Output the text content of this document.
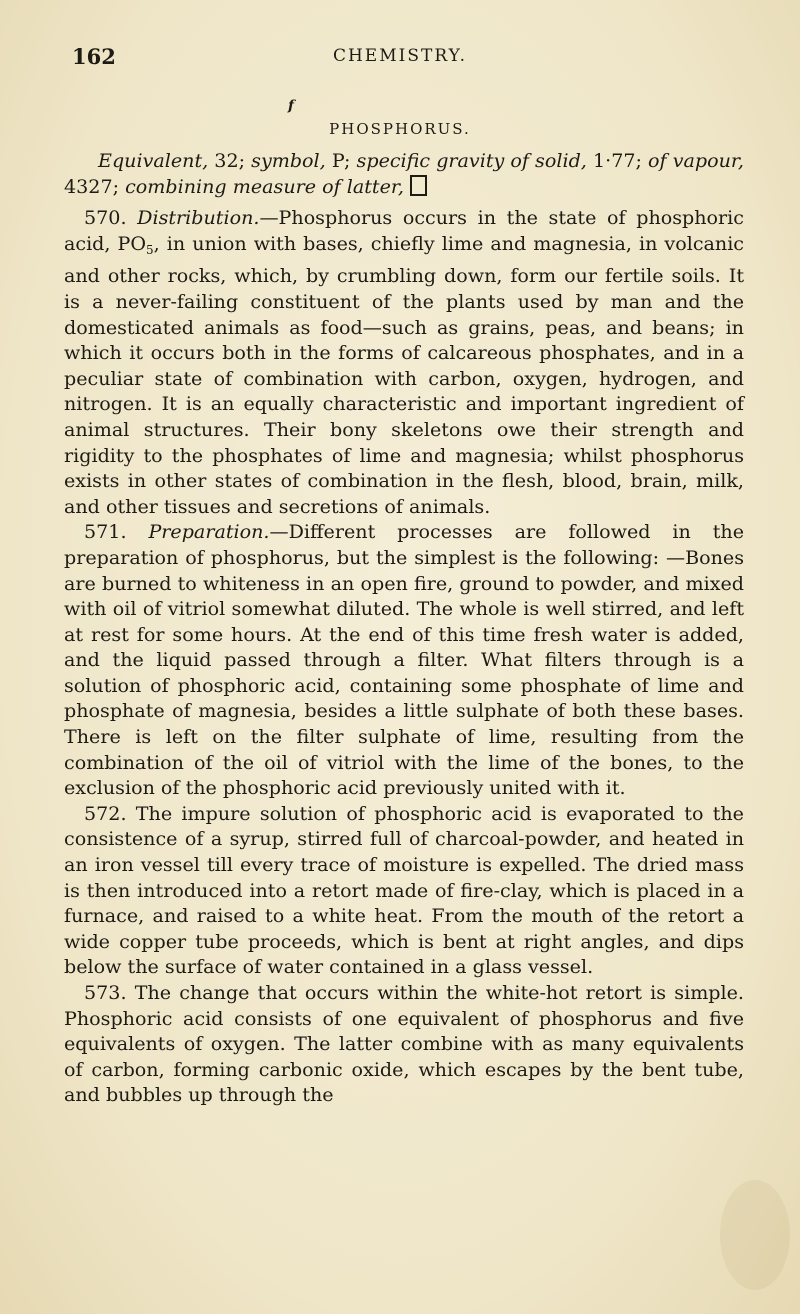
162	CHEMISTRY.
f
PHOSPHORUS.

Equivalent, 32; symbol, P; specific gravity of solid, 1·77; of vapour, 4327; combining measure of latter,

570. Distribution.—Phosphorus occurs in the state of phosphoric acid, $PO_5$, in union with bases, chiefly lime and magnesia, in volcanic and other rocks, which, by crumbling down, form our fertile soils. It is a never-failing constituent of the plants used by man and the domesticated animals as food—such as grains, peas, and beans; in which it occurs both in the forms of calcareous phosphates, and in a peculiar state of combination with carbon, oxygen, hydrogen, and nitrogen. It is an equally characteristic and important ingredient of animal structures. Their bony skeletons owe their strength and rigidity to the phosphates of lime and magnesia; whilst phosphorus exists in other states of combination in the flesh, blood, brain, milk, and other tissues and secretions of animals.

571. Preparation.—Different processes are followed in the preparation of phosphorus, but the simplest is the following: —Bones are burned to whiteness in an open fire, ground to powder, and mixed with oil of vitriol somewhat diluted. The whole is well stirred, and left at rest for some hours. At the end of this time fresh water is added, and the liquid passed through a filter. What filters through is a solution of phosphoric acid, containing some phosphate of lime and phosphate of magnesia, besides a little sulphate of both these bases. There is left on the filter sulphate of lime, resulting from the combination of the oil of vitriol with the lime of the bones, to the exclusion of the phosphoric acid previously united with it.

572. The impure solution of phosphoric acid is evaporated to the consistence of a syrup, stirred full of charcoal-powder, and heated in an iron vessel till every trace of moisture is expelled. The dried mass is then introduced into a retort made of fire-clay, which is placed in a furnace, and raised to a white heat. From the mouth of the retort a wide copper tube proceeds, which is bent at right angles, and dips below the surface of water contained in a glass vessel.

573. The change that occurs within the white-hot retort is simple. Phosphoric acid consists of one equivalent of phosphorus and five equivalents of oxygen. The latter combine with as many equivalents of carbon, forming carbonic oxide, which escapes by the bent tube, and bubbles up through the
